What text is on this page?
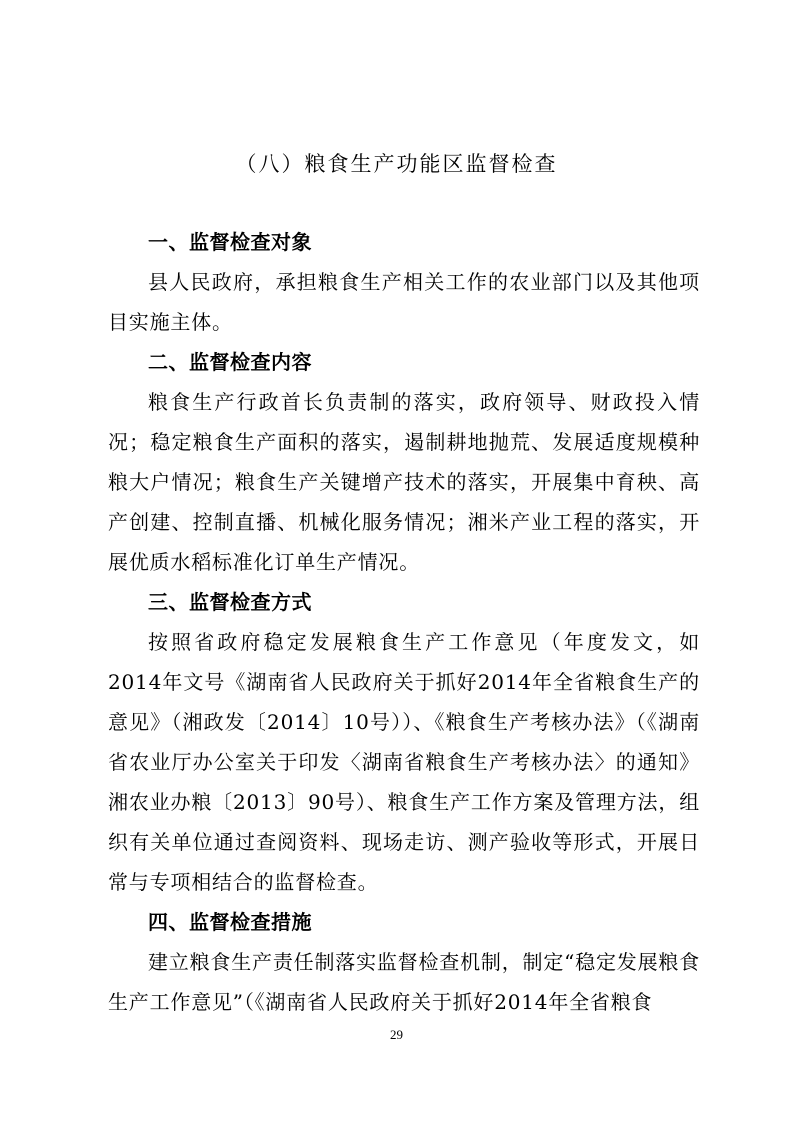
（八）粮食生产功能区监督检查

一、监督检查对象

县人民政府，承担粮食生产相关工作的农业部门以及其他项目实施主体。

二、监督检查内容

粮食生产行政首长负责制的落实，政府领导、财政投入情况；稳定粮食生产面积的落实，遏制耕地抛荒、发展适度规模种粮大户情况；粮食生产关键增产技术的落实，开展集中育秧、高产创建、控制直播、机械化服务情况；湘米产业工程的落实，开展优质水稻标准化订单生产情况。

三、监督检查方式

按照省政府稳定发展粮食生产工作意见（年度发文，如2014年文号《湖南省人民政府关于抓好2014年全省粮食生产的意见》（湘政发〔2014〕10号））、《粮食生产考核办法》（《湖南省农业厅办公室关于印发〈湖南省粮食生产考核办法〉的通知》湘农业办粮〔2013〕90号）、粮食生产工作方案及管理方法，组织有关单位通过查阅资料、现场走访、测产验收等形式，开展日常与专项相结合的监督检查。

四、监督检查措施

建立粮食生产责任制落实监督检查机制，制定“稳定发展粮食生产工作意见”（《湖南省人民政府关于抓好2014年全省粮食

29
